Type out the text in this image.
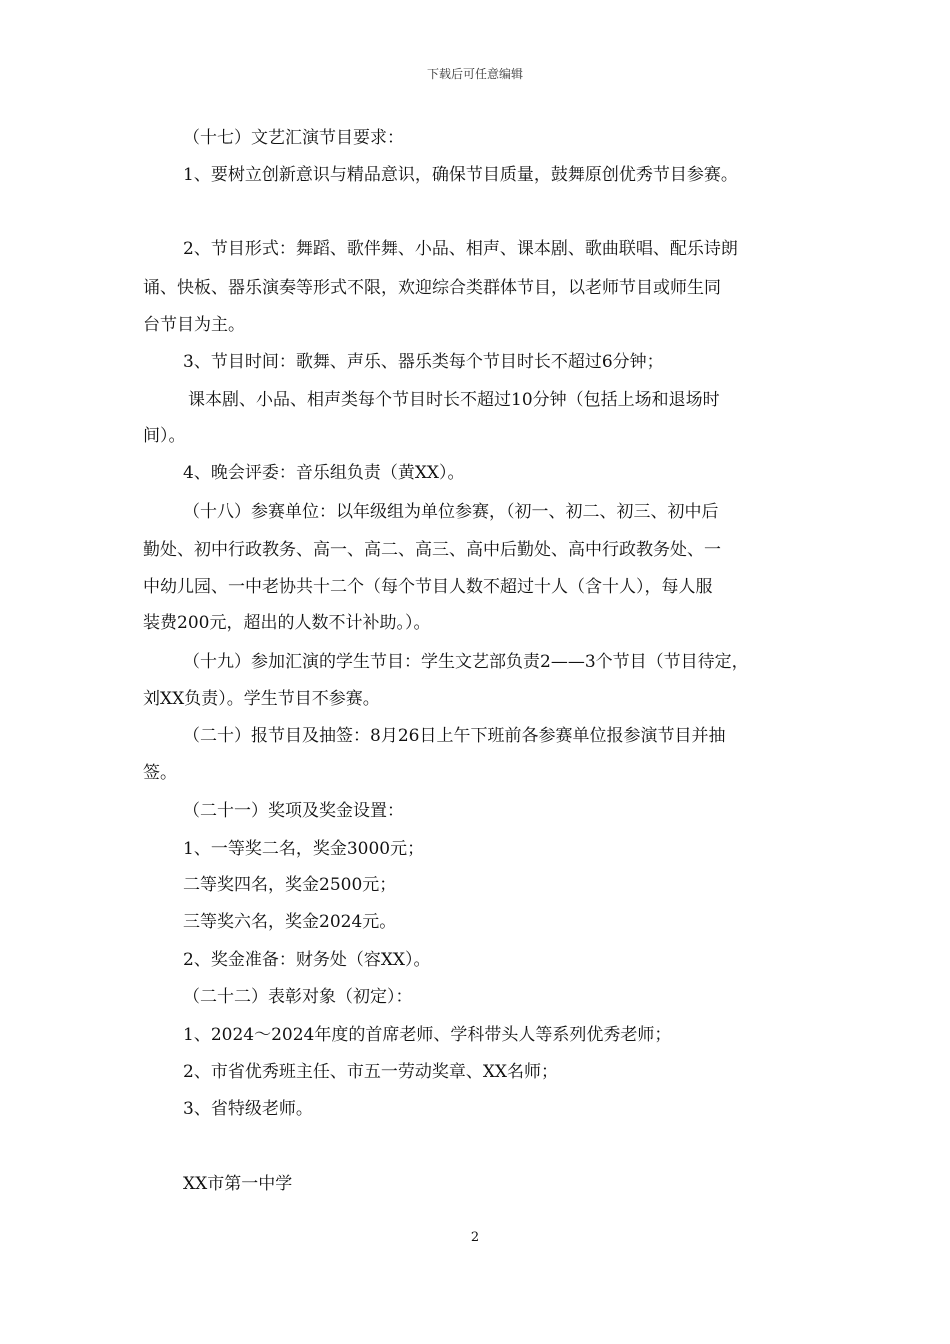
下载后可任意编辑
（十七）文艺汇演节目要求：
1、要树立创新意识与精品意识，确保节目质量，鼓舞原创优秀节目参赛。
2、节目形式：舞蹈、歌伴舞、小品、相声、课本剧、歌曲联唱、配乐诗朗
诵、快板、器乐演奏等形式不限，欢迎综合类群体节目，以老师节目或师生同
台节目为主。
3、节目时间：歌舞、声乐、器乐类每个节目时长不超过6分钟；
课本剧、小品、相声类每个节目时长不超过10分钟（包括上场和退场时
间）。
4、晚会评委：音乐组负责（黄XX）。
（十八）参赛单位：以年级组为单位参赛，（初一、初二、初三、初中后
勤处、初中行政教务、高一、高二、高三、高中后勤处、高中行政教务处、一
中幼儿园、一中老协共十二个（每个节目人数不超过十人（含十人），每人服
装费200元，超出的人数不计补助。）。
（十九）参加汇演的学生节目：学生文艺部负责2——3个节目（节目待定，
刘XX负责）。学生节目不参赛。
（二十）报节目及抽签：8月26日上午下班前各参赛单位报参演节目并抽
签。
（二十一）奖项及奖金设置：
1、一等奖二名，奖金3000元；
二等奖四名，奖金2500元；
三等奖六名，奖金2024元。
2、奖金准备：财务处（容XX）。
（二十二）表彰对象（初定）：
1、2024～2024年度的首席老师、学科带头人等系列优秀老师；
2、市省优秀班主任、市五一劳动奖章、XX名师；
3、省特级老师。
XX市第一中学
2
